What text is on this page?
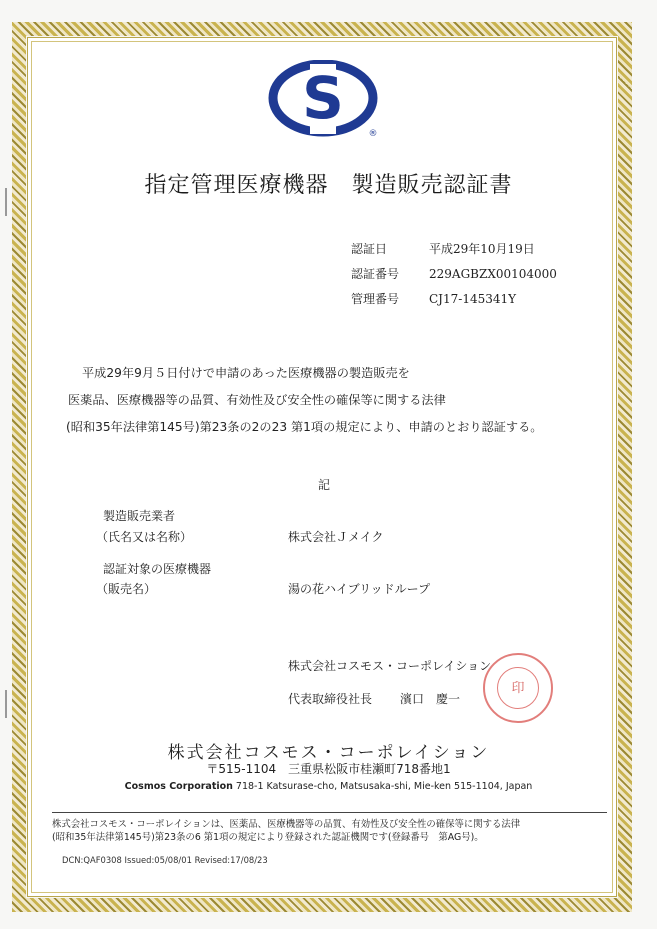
S
®
指定管理医療機器　製造販売認証書
認証日	平成29年10月19日
認証番号 229AGBZX00104000
管理番号 CJ17-145341Y
平成29年9月５日付けで申請のあった医療機器の製造販売を
医薬品、医療機器等の品質、有効性及び安全性の確保等に関する法律
(昭和35年法律第145号)第23条の2の23 第1項の規定により、申請のとおり認証する。
記
製造販売業者
（氏名又は名称）	株式会社Ｊメイク
認証対象の医療機器
（販売名）	湯の花ハイブリッドループ
株式会社コスモス・コーポレイション
代表取締役社長 濱口　慶一
印
株式会社コスモス・コーポレイション
〒515-1104　三重県松阪市桂瀬町718番地1
Cosmos Corporation 718-1 Katsurase-cho, Matsusaka-shi, Mie-ken 515-1104, Japan
株式会社コスモス・コーポレイションは、医薬品、医療機器等の品質、有効性及び安全性の確保等に関する法律
(昭和35年法律第145号)第23条の6 第1項の規定により登録された認証機関です(登録番号　第AG号)。
DCN:QAF0308 Issued:05/08/01 Revised:17/08/23
